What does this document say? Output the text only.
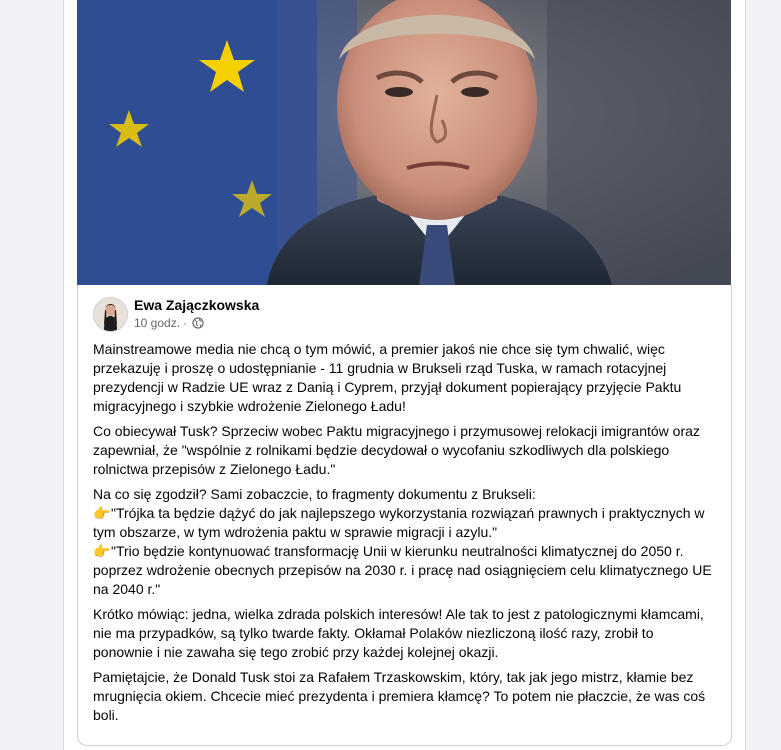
Ewa Zajączkowska
10 godz. ·

Mainstreamowe media nie chcą o tym mówić, a premier jakoś nie chce się tym chwalić, więc przekazuję i proszę o udostępnianie - 11 grudnia w Brukseli rząd Tuska, w ramach rotacyjnej prezydencji w Radzie UE wraz z Danią i Cyprem, przyjął dokument popierający przyjęcie Paktu migracyjnego i szybkie wdrożenie Zielonego Ładu!

Co obiecywał Tusk? Sprzeciw wobec Paktu migracyjnego i przymusowej relokacji imigrantów oraz zapewniał, że "wspólnie z rolnikami będzie decydował o wycofaniu szkodliwych dla polskiego rolnictwa przepisów z Zielonego Ładu."

Na co się zgodził? Sami zobaczcie, to fragmenty dokumentu z Brukseli:
👉"Trójka ta będzie dążyć do jak najlepszego wykorzystania rozwiązań prawnych i praktycznych w tym obszarze, w tym wdrożenia paktu w sprawie migracji i azylu."
👉"Trio będzie kontynuować transformację Unii w kierunku neutralności klimatycznej do 2050 r. poprzez wdrożenie obecnych przepisów na 2030 r. i pracę nad osiągnięciem celu klimatycznego UE na 2040 r."

Krótko mówiąc: jedna, wielka zdrada polskich interesów! Ale tak to jest z patologicznymi kłamcami, nie ma przypadków, są tylko twarde fakty. Okłamał Polaków niezliczoną ilość razy, zrobił to ponownie i nie zawaha się tego zrobić przy każdej kolejnej okazji.

Pamiętajcie, że Donald Tusk stoi za Rafałem Trzaskowskim, który, tak jak jego mistrz, kłamie bez mrugnięcia okiem. Chcecie mieć prezydenta i premiera kłamcę? To potem nie płaczcie, że was coś boli.
